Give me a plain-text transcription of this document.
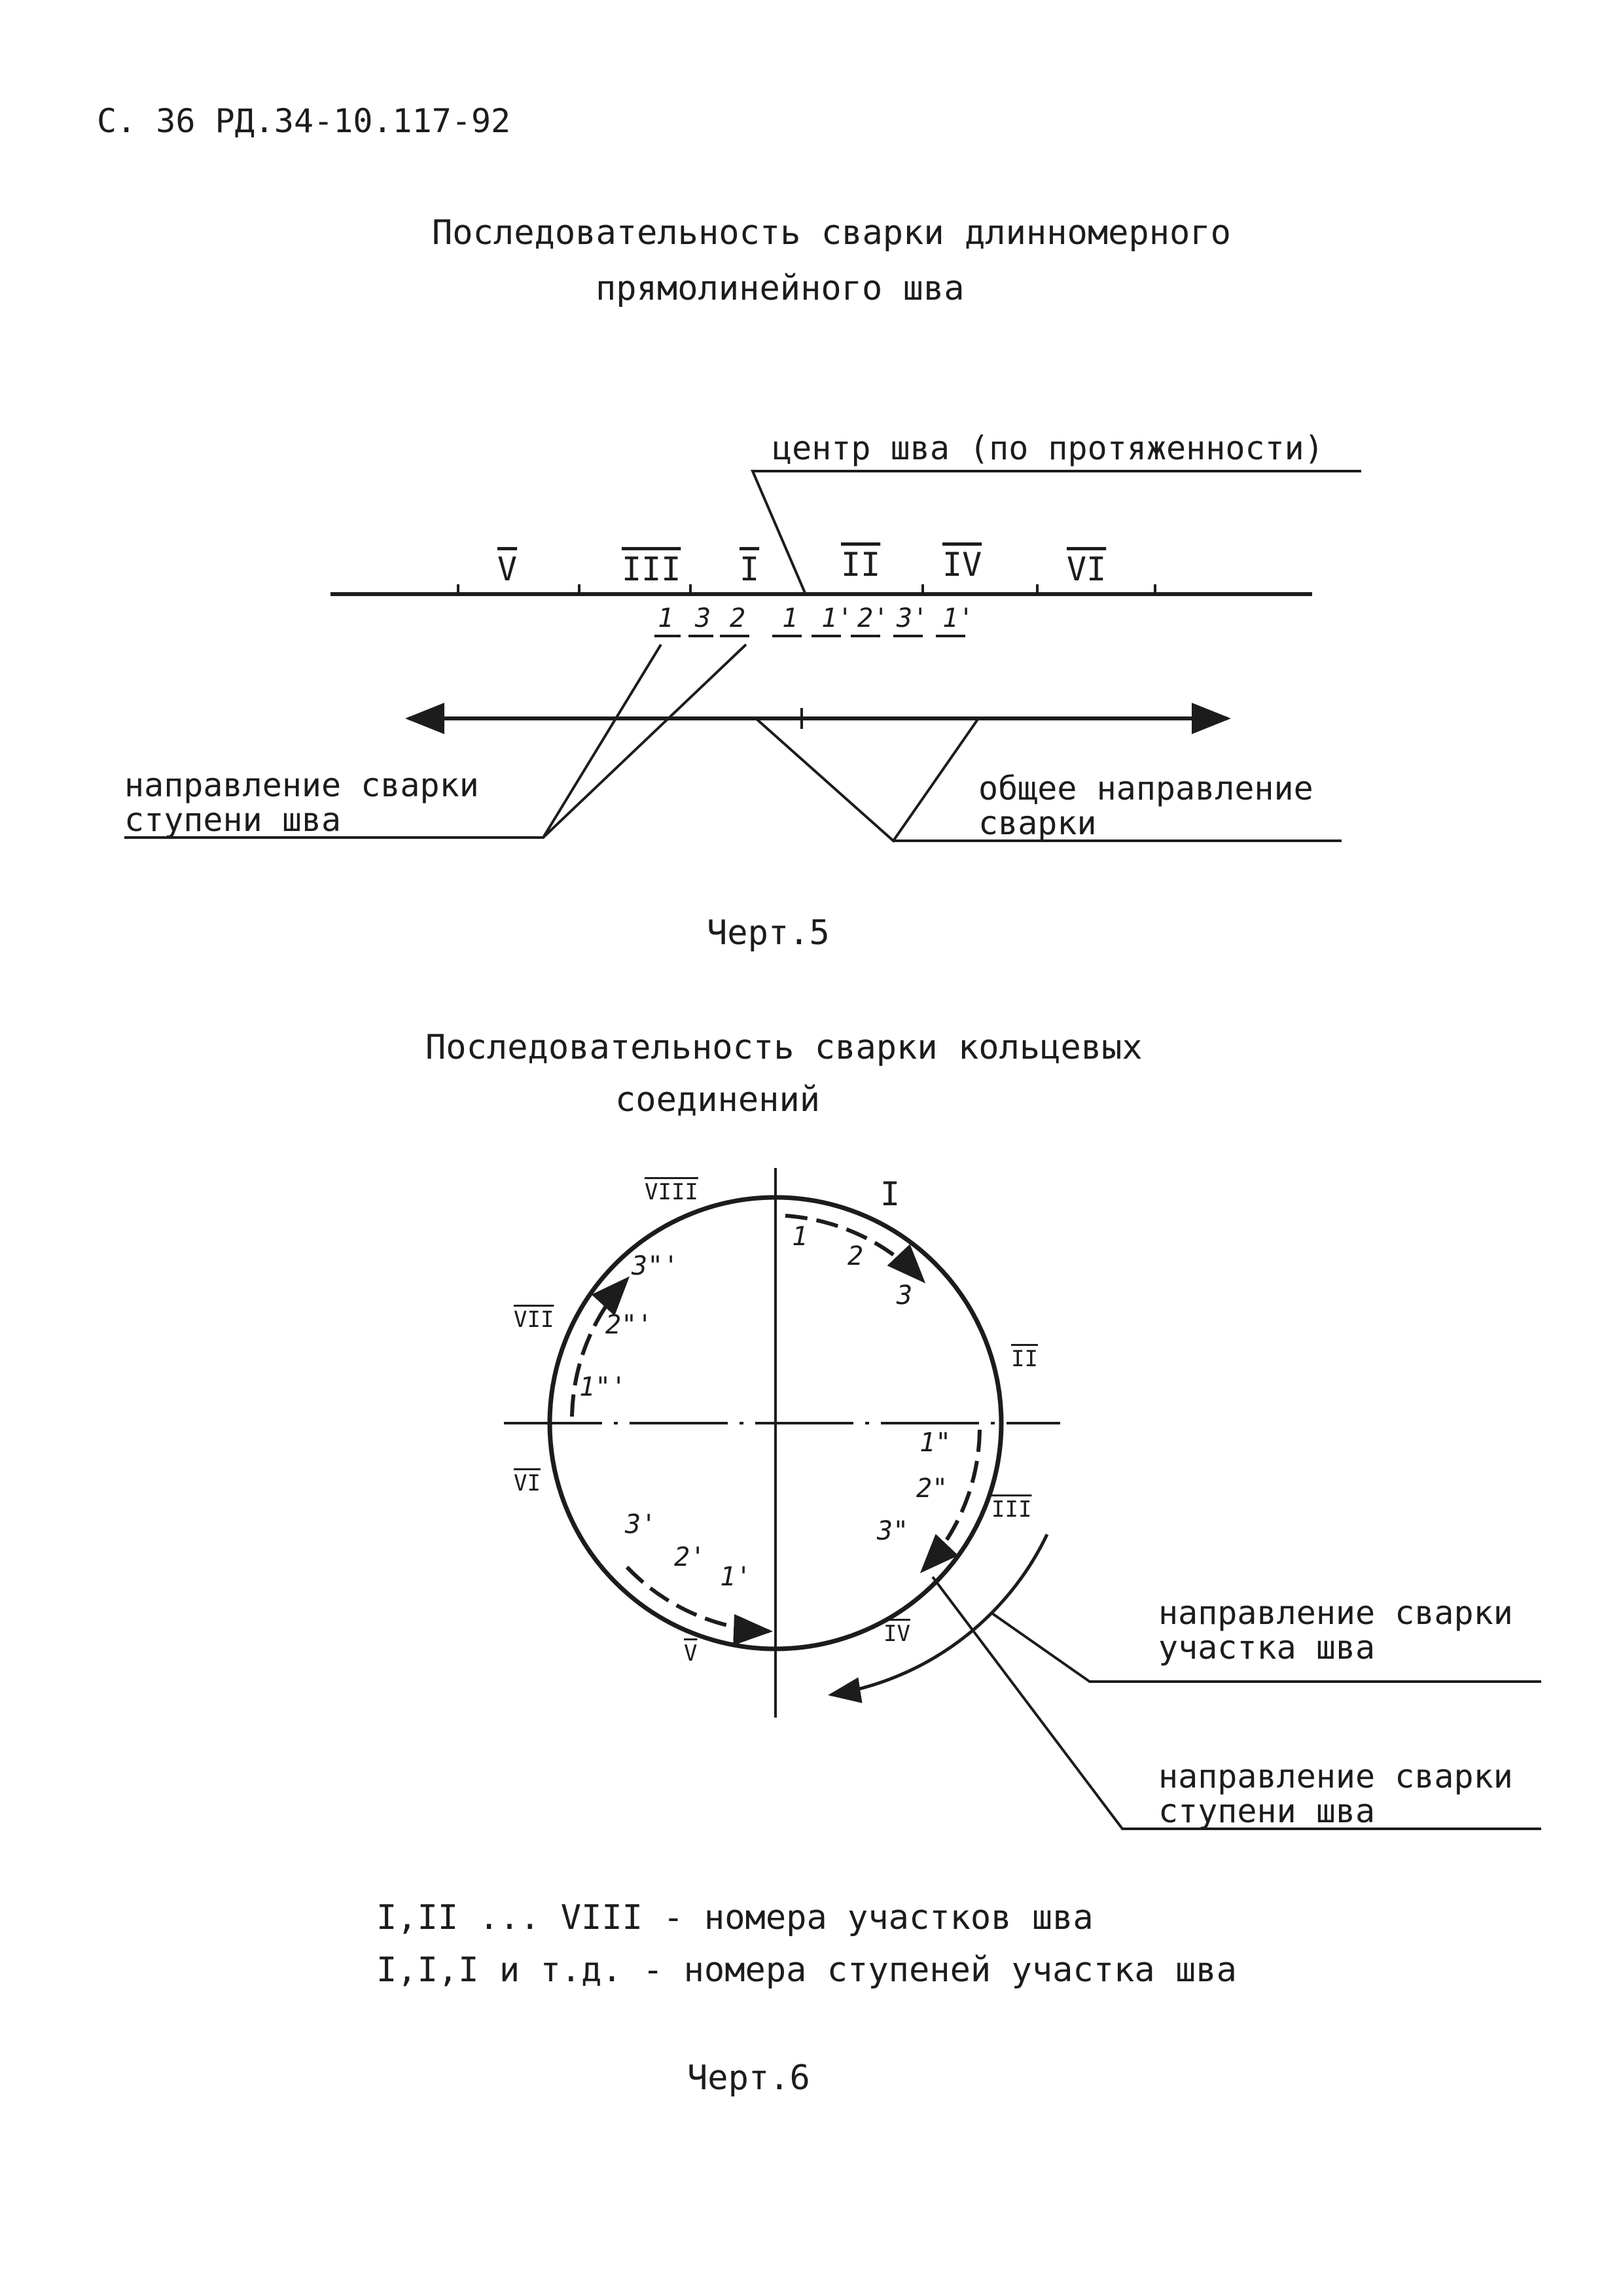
С. 36 РД.34-10.117-92
Последовательность сварки длинномерного
прямолинейного шва
центр шва (по протяженности)
$\overline{V}$	$\overline{III}$ $\overline{I}$ $\overline{II}$ $\overline{IV}$	$\overline{VI}$
1 3 2 1 1' 2' 3' 1'
направление сварки
ступени шва
общее направление
сварки
Черт.5
Последовательность сварки кольцевых
соединений
VIII	I
$\overline{VII}$
$\overline{II}$
$\overline{VI}$
$\overline{III}$
$\overline{IV}$
$\overline{V}$
1
2
3
3"'
2"'
1"'
3'
2'
1'
1"
2"
3"
направление сварки
участка шва
направление сварки
ступени шва
I,II ... VIII - номера участков шва
I,I,I и т.д. - номера ступеней участка шва
Черт.6
